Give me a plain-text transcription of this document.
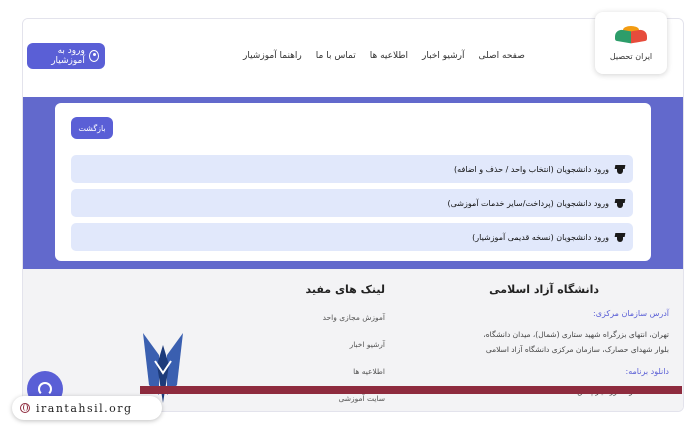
ورود به آموزشیار	صفحه اصلی
آرشیو اخبار
اطلاعیه ها
تماس با ما
راهنما آموزشیار
بازگشت
ورود دانشجویان (انتخاب واحد / حذف و اضافه)
ورود دانشجویان (پرداخت/سایر خدمات آموزشی)
ورود دانشجویان (نسخه قدیمی آموزشیار)
دانشگاه آزاد اسلامی
آدرس سازمان مرکزی:
تهران، انتهای بزرگراه شهید ستاری (شمال)، میدان دانشگاه، بلوار شهدای حصارک، سازمان مرکزی دانشگاه آزاد اسلامی
دانلود برنامه:
لینک های مفید
آموزش مجازی واحد
آرشیو اخبار
اطلاعیه ها
سایت آموزشی
ایران تحصیل
irantahsil.org
